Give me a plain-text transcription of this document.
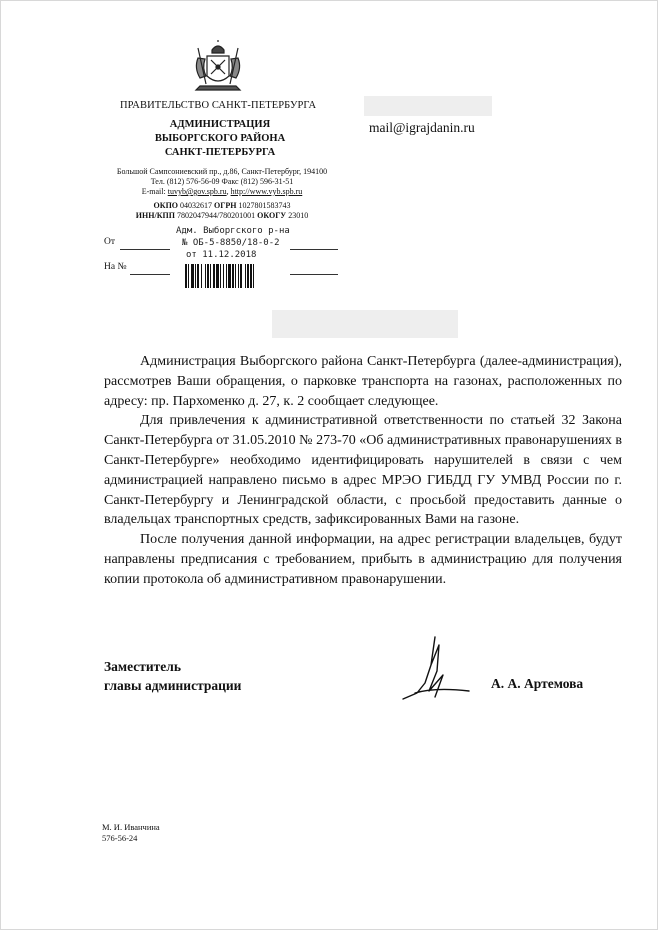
ПРАВИТЕЛЬСТВО САНКТ-ПЕТЕРБУРГА
АДМИНИСТРАЦИЯ
ВЫБОРГСКОГО РАЙОНА
САНКТ-ПЕТЕРБУРГА
Большой Сампсониевский пр., д.86, Санкт-Петербург, 194100
Тел. (812) 576-56-09 Факс (812) 596-31-51
E-mail: tuvyb@gov.spb.ru, http://www.vyb.spb.ru
ОКПО 04032617 ОГРН 1027801583743
ИНН/КПП 7802047944/780201001 ОКОГУ 23010
От
На №
Адм. Выборгского р-на
№ ОБ-5-8850/18-0-2
от 11.12.2018
mail@igrajdanin.ru

Администрация Выборгского района Санкт-Петербурга (далее-администрация), рассмотрев Ваши обращения, о парковке транспорта на газонах, расположенных по адресу: пр. Пархоменко д. 27, к. 2 сообщает следующее.

Для привлечения к административной ответственности по статьей 32 Закона Санкт-Петербурга от 31.05.2010 № 273-70 «Об административных правонарушениях в Санкт-Петербурге» необходимо идентифицировать нарушителей в связи с чем администрацией направлено письмо в адрес МРЭО ГИБДД ГУ УМВД России по г. Санкт-Петербургу и Ленинградской области, с просьбой предоставить данные о владельцах транспортных средств, зафиксированных Вами на газоне.

После получения данной информации, на адрес регистрации владельцев, будут направлены предписания с требованием, прибыть в администрацию для получения копии протокола об административном правонарушении.

Заместитель
главы администрации	А. А. Артемова
М. И. Иванчина
576-56-24
